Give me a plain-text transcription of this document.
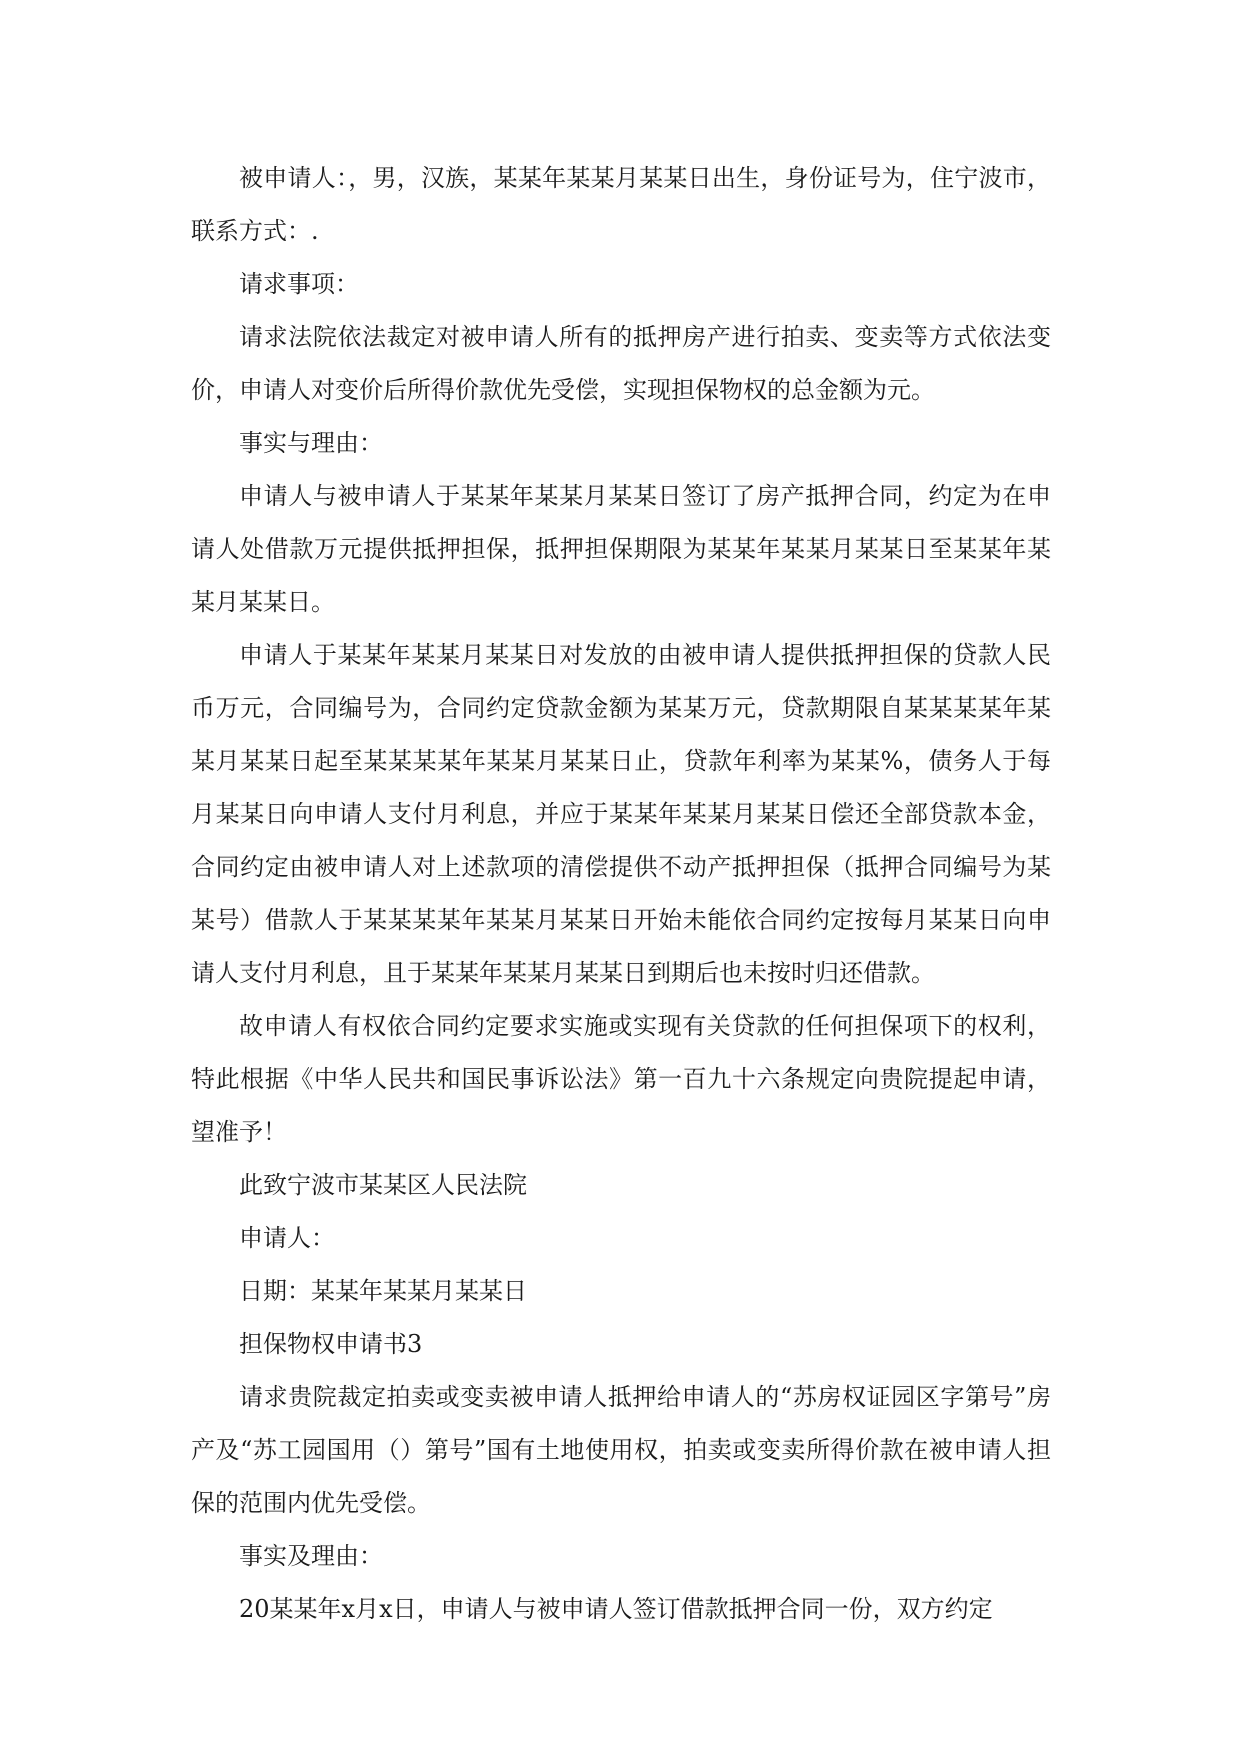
被申请人：，男，汉族，某某年某某月某某日出生，身份证号为，住宁波市，联系方式：.

请求事项：

请求法院依法裁定对被申请人所有的抵押房产进行拍卖、变卖等方式依法变价，申请人对变价后所得价款优先受偿，实现担保物权的总金额为元。

事实与理由：

申请人与被申请人于某某年某某月某某日签订了房产抵押合同，约定为在申请人处借款万元提供抵押担保，抵押担保期限为某某年某某月某某日至某某年某某月某某日。

申请人于某某年某某月某某日对发放的由被申请人提供抵押担保的贷款人民币万元，合同编号为，合同约定贷款金额为某某万元，贷款期限自某某某某年某某月某某日起至某某某某年某某月某某日止，贷款年利率为某某%，债务人于每月某某日向申请人支付月利息，并应于某某年某某月某某日偿还全部贷款本金，合同约定由被申请人对上述款项的清偿提供不动产抵押担保（抵押合同编号为某某号）借款人于某某某某年某某月某某日开始未能依合同约定按每月某某日向申请人支付月利息，且于某某年某某月某某日到期后也未按时归还借款。

故申请人有权依合同约定要求实施或实现有关贷款的任何担保项下的权利，特此根据《中华人民共和国民事诉讼法》第一百九十六条规定向贵院提起申请，望准予！

此致宁波市某某区人民法院

申请人：

日期：某某年某某月某某日

担保物权申请书3

请求贵院裁定拍卖或变卖被申请人抵押给申请人的“苏房权证园区字第号”房产及“苏工园国用（）第号”国有土地使用权，拍卖或变卖所得价款在被申请人担保的范围内优先受偿。

事实及理由：

20某某年x月x日，申请人与被申请人签订借款抵押合同一份，双方约定
